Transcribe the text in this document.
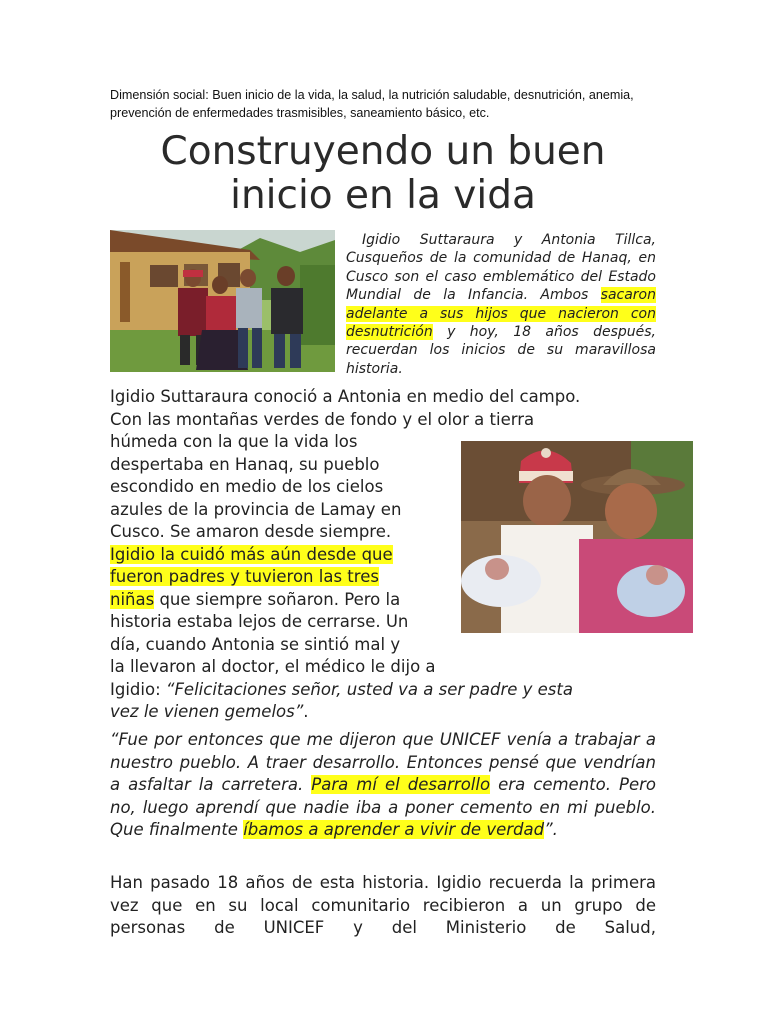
Dimensión social: Buen inicio de la vida, la salud, la nutrición saludable, desnutrición, anemia, prevención de enfermedades trasmisibles, saneamiento básico, etc.
Construyendo un buen inicio en la vida

Igidio Suttaraura y Antonia Tillca, Cusqueños de la comunidad de Hanaq, en Cusco son el caso emblemático del Estado Mundial de la Infancia. Ambos sacaron adelante a sus hijos que nacieron con desnutrición y hoy, 18 años después, recuerdan los inicios de su maravillosa historia.

Igidio Suttaraura conoció a Antonia en medio del campo.
Con las montañas verdes de fondo y el olor a tierra
húmeda con la que la vida los
despertaba en Hanaq, su pueblo
escondido en medio de los cielos
azules de la provincia de Lamay en
Cusco. Se amaron desde siempre.
Igidio la cuidó más aún desde que
fueron padres y tuvieron las tres
niñas que siempre soñaron. Pero la
historia estaba lejos de cerrarse. Un
día, cuando Antonia se sintió mal y
la llevaron al doctor, el médico le dijo a
Igidio: “Felicitaciones señor, usted va a ser padre y esta
vez le vienen gemelos”.

“Fue por entonces que me dijeron que UNICEF venía a trabajar a nuestro pueblo. A traer desarrollo. Entonces pensé que vendrían a asfaltar la carretera. Para mí el desarrollo era cemento. Pero no, luego aprendí que nadie iba a poner cemento en mi pueblo. Que finalmente íbamos a aprender a vivir de verdad”.

Han pasado 18 años de esta historia. Igidio recuerda la primera vez que en su local comunitario recibieron a un grupo de personas de UNICEF y del Ministerio de Salud,
